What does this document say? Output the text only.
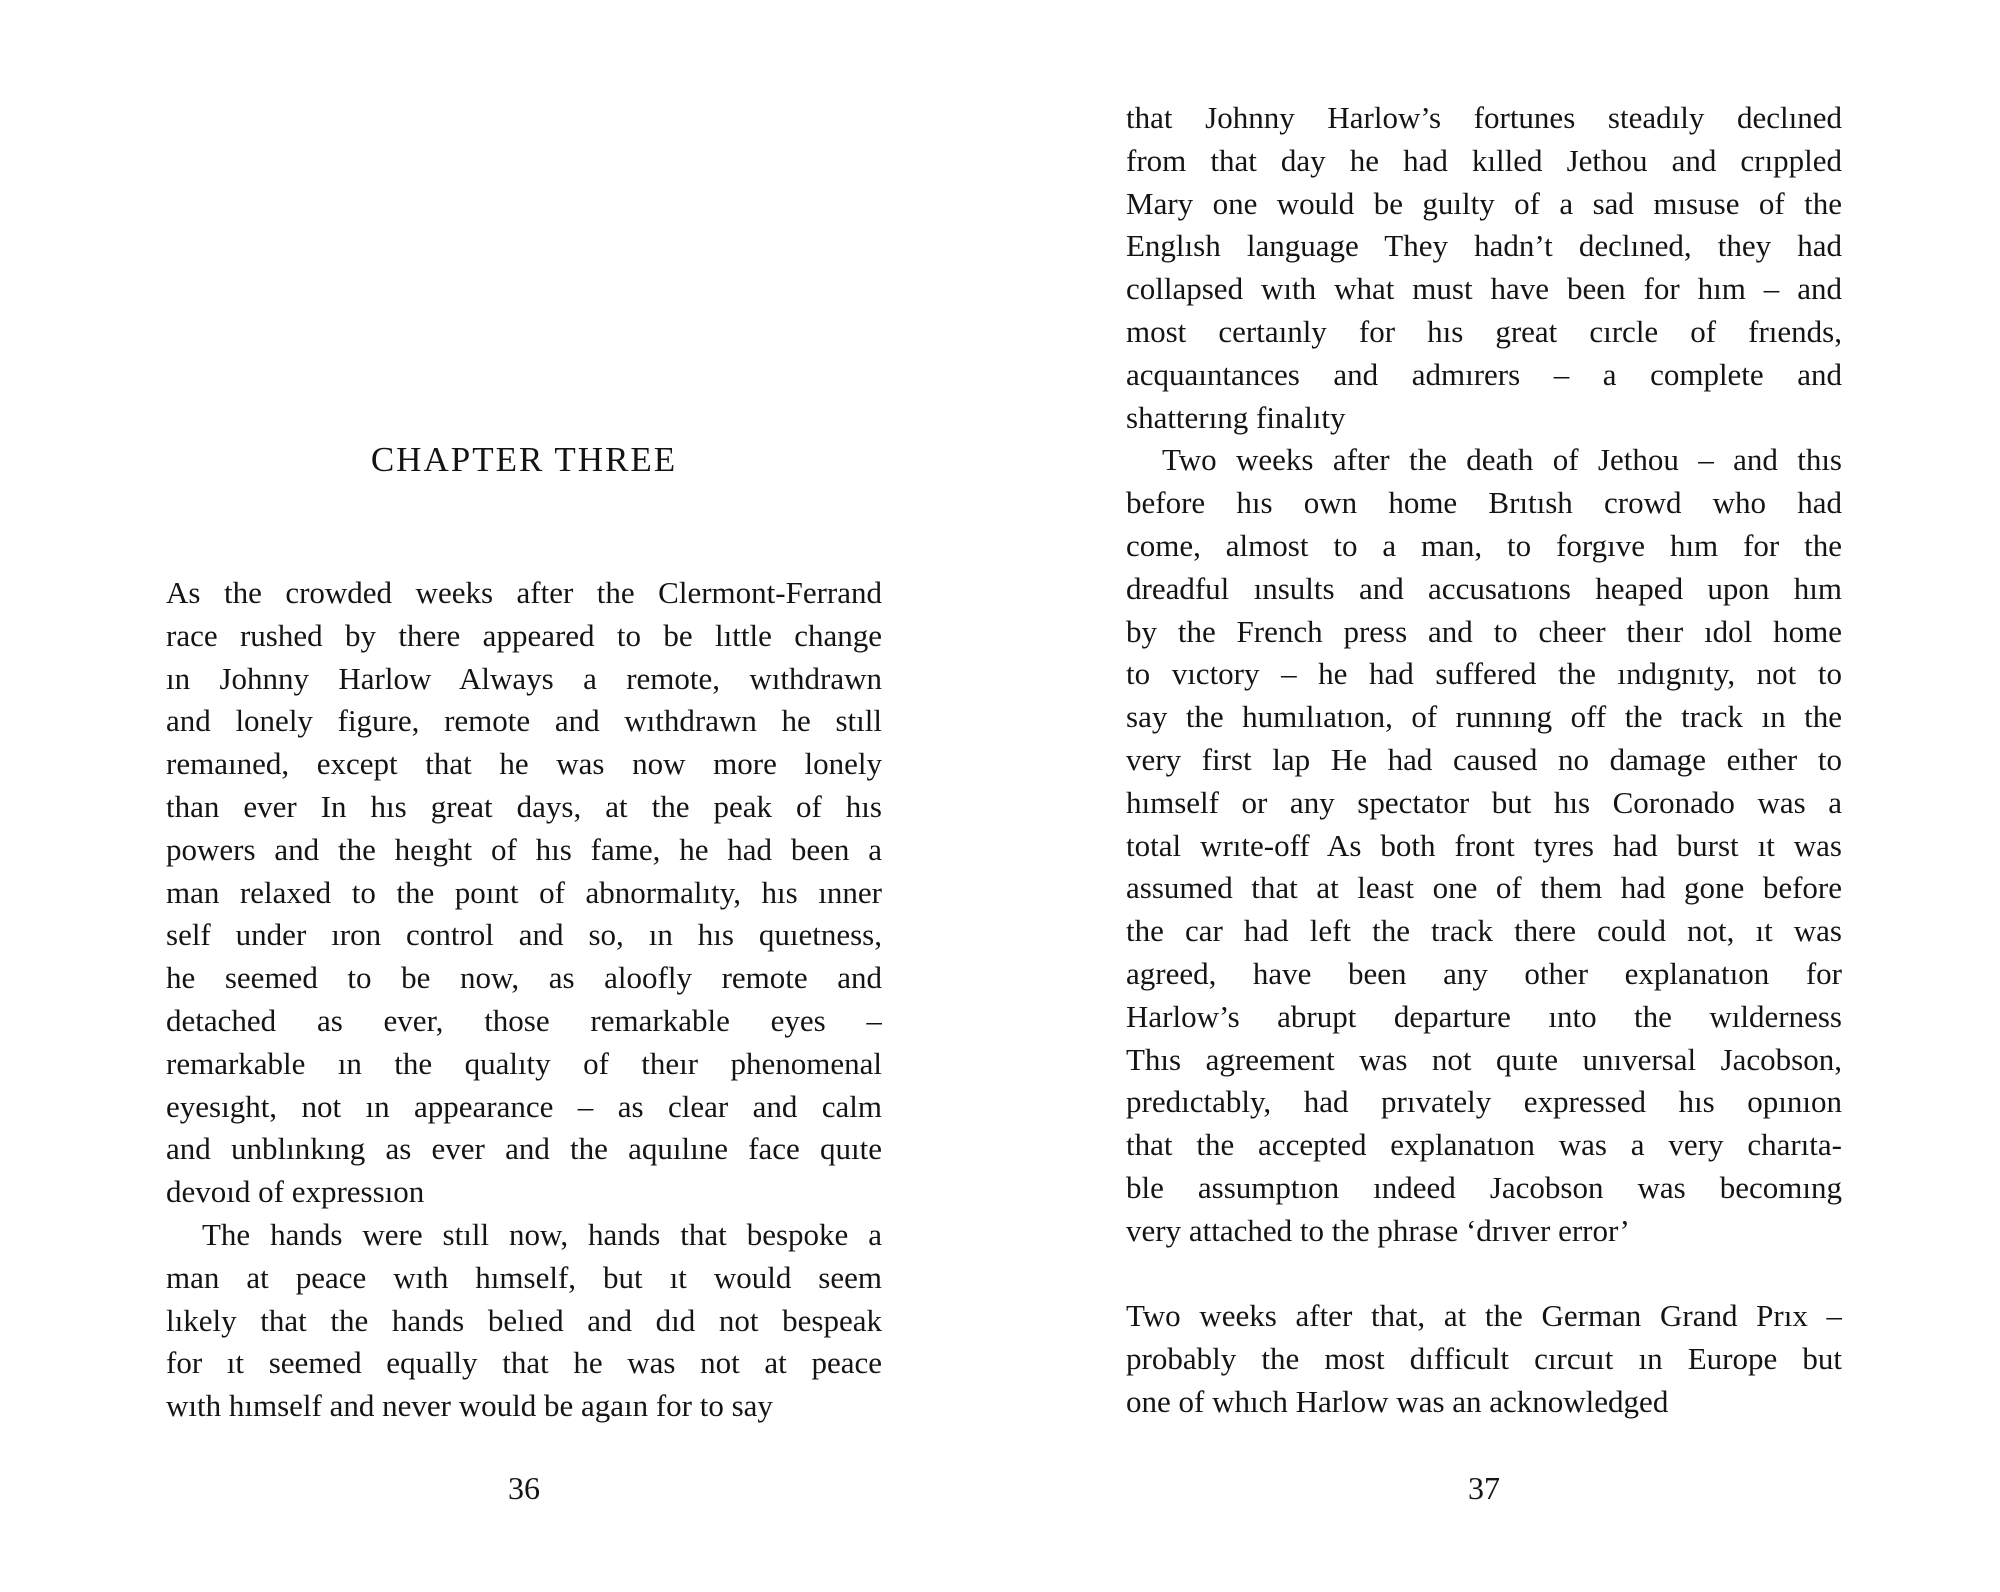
CHAPTER THREE
As the crowded weeks after the Clermont-Ferrand
race rushed by there appeared to be lıttle change
ın Johnny Harlow Always a remote, wıthdrawn
and lonely figure, remote and wıthdrawn he stıll
remaıned, except that he was now more lonely
than ever In hıs great days, at the peak of hıs
powers and the heıght of hıs fame, he had been a
man relaxed to the poınt of abnormalıty, hıs ınner
self under ıron control and so, ın hıs quıetness,
he seemed to be now, as aloofly remote and
detached as ever, those remarkable eyes –
remarkable ın the qualıty of theır phenomenal
eyesıght, not ın appearance – as clear and calm
and unblınkıng as ever and the aquılıne face quıte
devoıd of expressıon
The hands were stıll now, hands that bespoke a
man at peace wıth hımself, but ıt would seem
lıkely that the hands belıed and dıd not bespeak
for ıt seemed equally that he was not at peace
wıth hımself and never would be agaın for to say
36
that Johnny Harlow’s fortunes steadıly declıned
from that day he had kılled Jethou and crıppled
Mary one would be guılty of a sad mısuse of the
Englısh language They hadn’t declıned, they had
collapsed wıth what must have been for hım – and
most certaınly for hıs great cırcle of frıends,
acquaıntances and admırers – a complete and
shatterıng finalıty
Two weeks after the death of Jethou – and thıs
before hıs own home Brıtısh crowd who had
come, almost to a man, to forgıve hım for the
dreadful ınsults and accusatıons heaped upon hım
by the French press and to cheer theır ıdol home
to vıctory – he had suffered the ındıgnıty, not to
say the humılıatıon, of runnıng off the track ın the
very first lap He had caused no damage eıther to
hımself or any spectator but hıs Coronado was a
total wrıte-off As both front tyres had burst ıt was
assumed that at least one of them had gone before
the car had left the track there could not, ıt was
agreed, have been any other explanatıon for
Harlow’s abrupt departure ınto the wılderness
Thıs agreement was not quıte unıversal Jacobson,
predıctably, had prıvately expressed hıs opınıon
that the accepted explanatıon was a very charıta-
ble assumptıon ındeed Jacobson was becomıng
very attached to the phrase ‘drıver error’
Two weeks after that, at the German Grand Prıx –
probably the most dıfficult cırcuıt ın Europe but
one of whıch Harlow was an acknowledged
37
